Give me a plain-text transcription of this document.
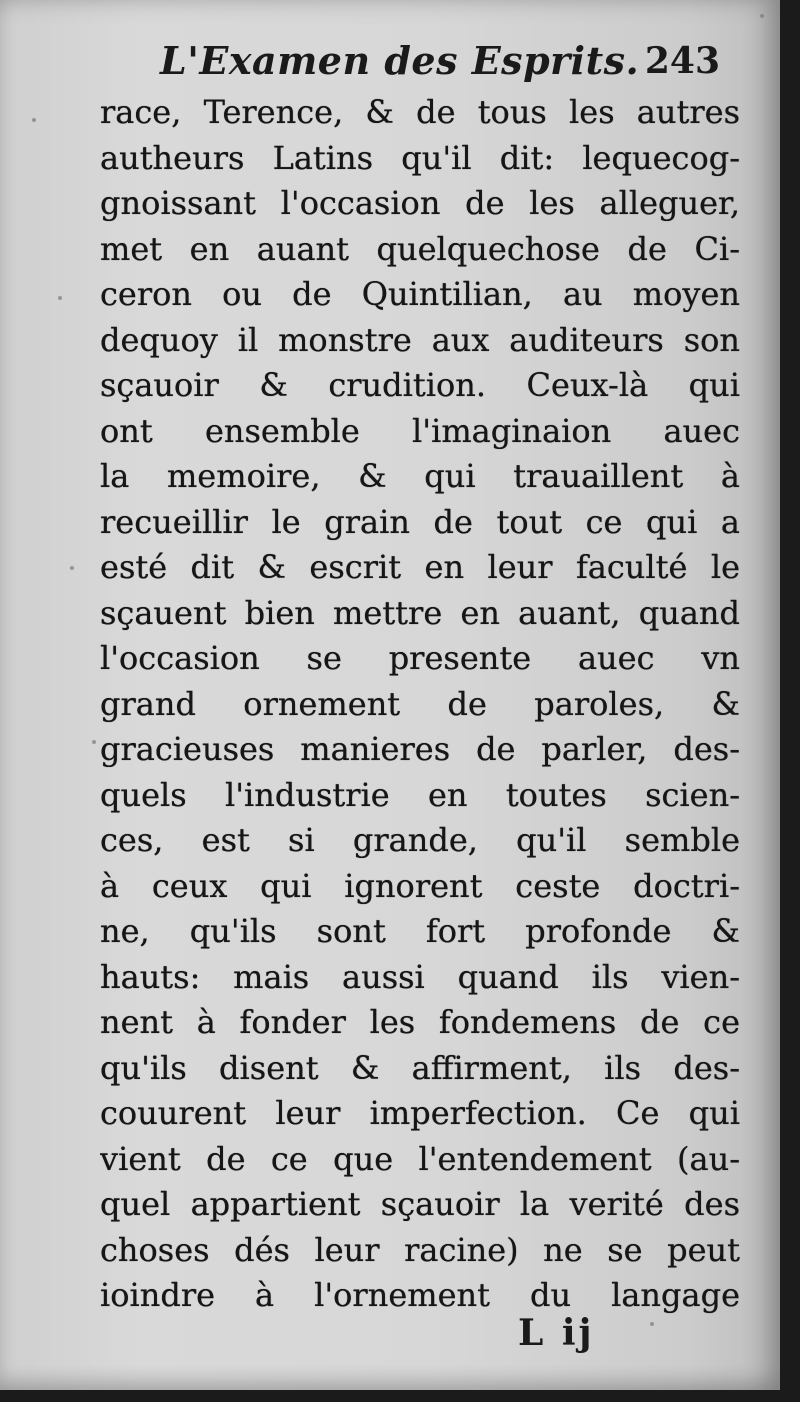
L'Examen des Esprits. 243
race, Terence, & de tous les autres
autheurs Latins qu'il dit: lequecog-
gnoissant l'occasion de les alleguer,
met en auant quelquechose de Ci-
ceron ou de Quintilian, au moyen
dequoy il monstre aux auditeurs son
sçauoir & crudition. Ceux-là qui
ont ensemble l'imaginaion auec
la memoire, & qui trauaillent à
recueillir le grain de tout ce qui a
esté dit & escrit en leur faculté le
sçauent bien mettre en auant, quand
l'occasion se presente auec vn
grand ornement de paroles, &
gracieuses manieres de parler, des-
quels l'industrie en toutes scien-
ces, est si grande, qu'il semble
à ceux qui ignorent ceste doctri-
ne, qu'ils sont fort profonde &
hauts: mais aussi quand ils vien-
nent à fonder les fondemens de ce
qu'ils disent & affirment, ils des-
couurent leur imperfection. Ce qui
vient de ce que l'entendement (au-
quel appartient sçauoir la verité des
choses dés leur racine) ne se peut
ioindre à l'ornement du langage
L ij
